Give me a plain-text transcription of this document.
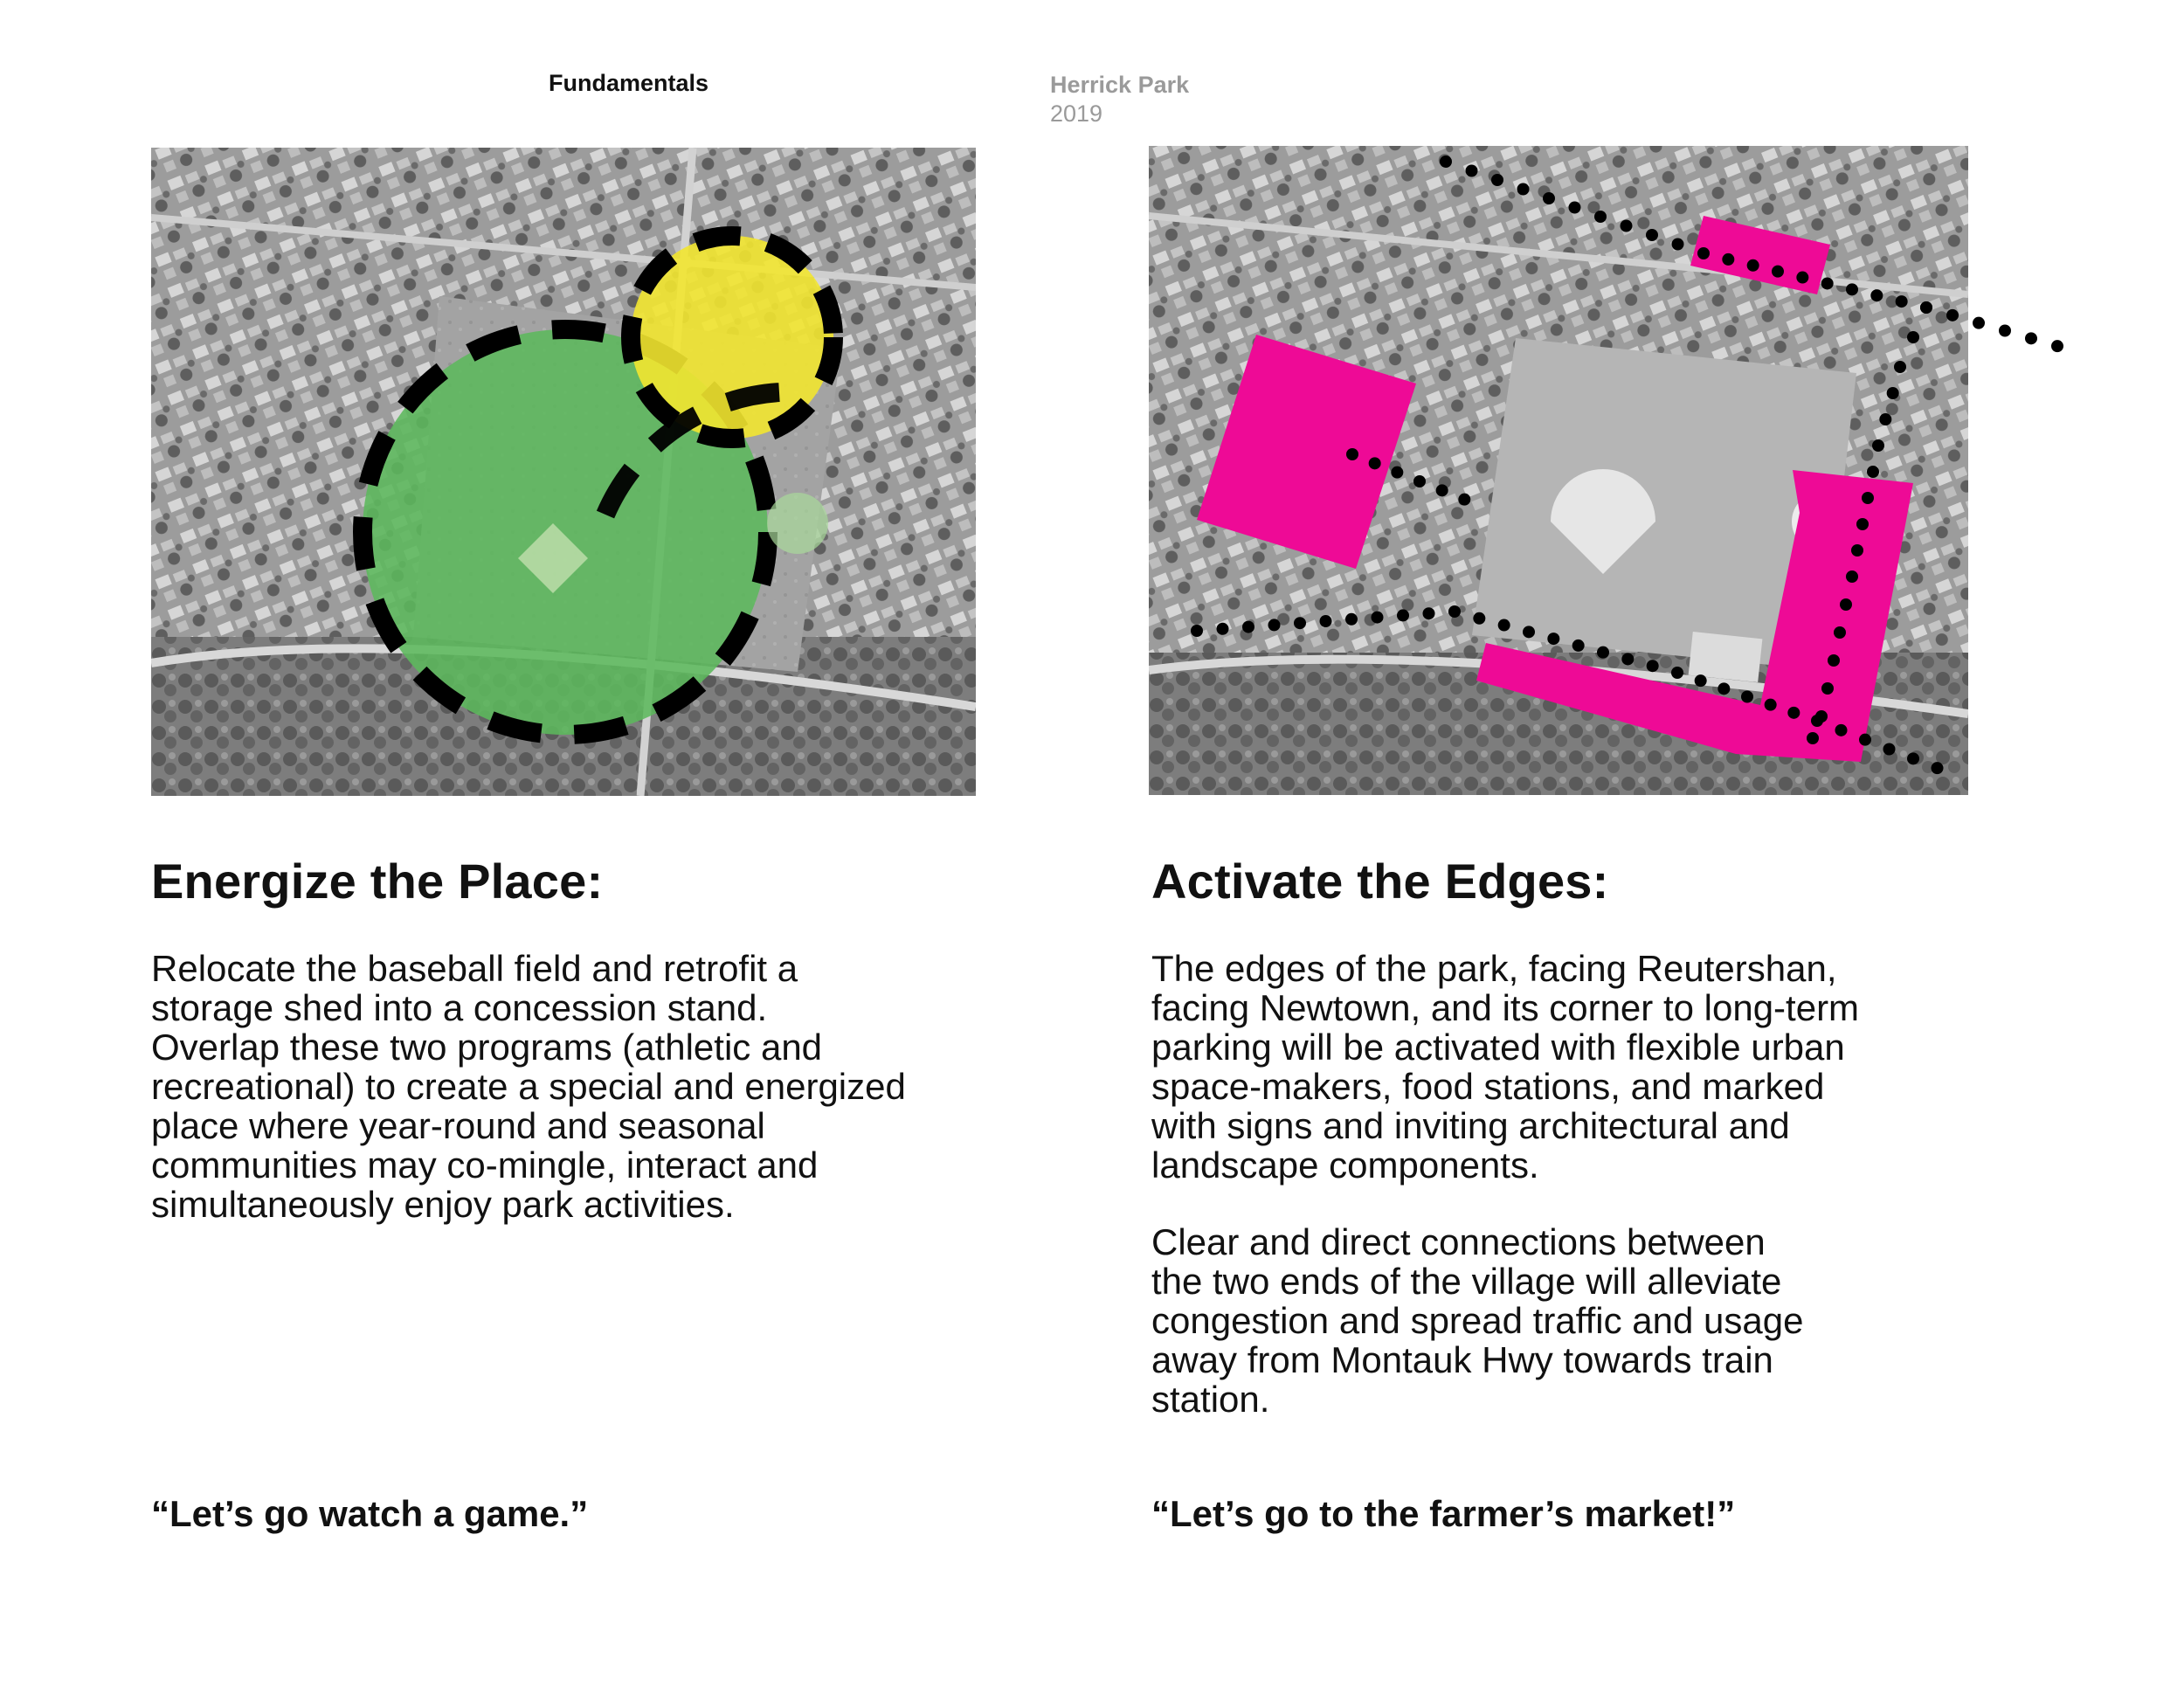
Fundamentals	Herrick Park
2019
Energize the Place:

Relocate the baseball field and retrofit a
storage shed into a concession stand.
Overlap these two programs (athletic and
recreational) to create a special and energized
place where year-round and seasonal
communities may co-mingle, interact and
simultaneously enjoy park activities.

“Let’s go watch a game.”
Activate the Edges:

The edges of the park, facing Reutershan,
facing Newtown, and its corner to long-term
parking will be activated with flexible urban
space-makers, food stations, and marked
with signs and inviting architectural and
landscape components.

Clear and direct connections between
the two ends of the village will alleviate
congestion and spread traffic and usage
away from Montauk Hwy towards train
station.

“Let’s go to the farmer’s market!”
